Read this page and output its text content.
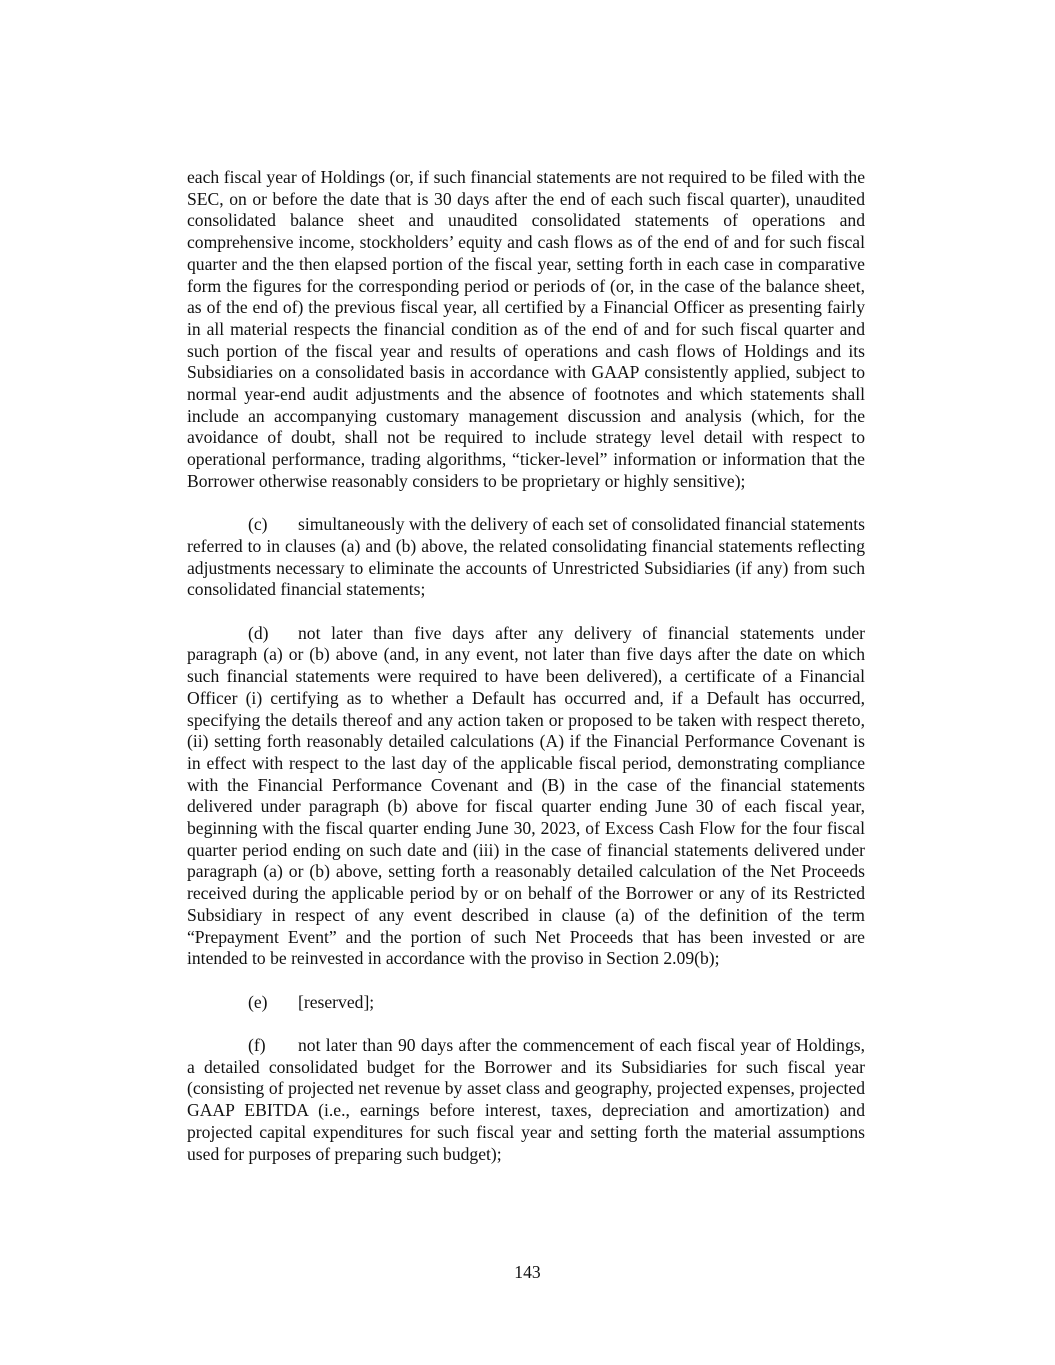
each fiscal year of Holdings (or, if such financial statements are not required to be filed with the SEC, on or before the date that is 30 days after the end of each such fiscal quarter), unaudited consolidated balance sheet and unaudited consolidated statements of operations and comprehensive income, stockholders’ equity and cash flows as of the end of and for such fiscal quarter and the then elapsed portion of the fiscal year, setting forth in each case in comparative form the figures for the corresponding period or periods of (or, in the case of the balance sheet, as of the end of) the previous fiscal year, all certified by a Financial Officer as presenting fairly in all material respects the financial condition as of the end of and for such fiscal quarter and such portion of the fiscal year and results of operations and cash flows of Holdings and its Subsidiaries on a consolidated basis in accordance with GAAP consistently applied, subject to normal year-end audit adjustments and the absence of footnotes and which statements shall include an accompanying customary management discussion and analysis (which, for the avoidance of doubt, shall not be required to include strategy level detail with respect to operational performance, trading algorithms, “ticker-level” information or information that the Borrower otherwise reasonably considers to be proprietary or highly sensitive);

(c) simultaneously with the delivery of each set of consolidated financial statements referred to in clauses (a) and (b) above, the related consolidating financial statements reflecting adjustments necessary to eliminate the accounts of Unrestricted Subsidiaries (if any) from such consolidated financial statements;

(d) not later than five days after any delivery of financial statements under paragraph (a) or (b) above (and, in any event, not later than five days after the date on which such financial statements were required to have been delivered), a certificate of a Financial Officer (i) certifying as to whether a Default has occurred and, if a Default has occurred, specifying the details thereof and any action taken or proposed to be taken with respect thereto, (ii) setting forth reasonably detailed calculations (A) if the Financial Performance Covenant is in effect with respect to the last day of the applicable fiscal period, demonstrating compliance with the Financial Performance Covenant and (B) in the case of the financial statements delivered under paragraph (b) above for fiscal quarter ending June 30 of each fiscal year, beginning with the fiscal quarter ending June 30, 2023, of Excess Cash Flow for the four fiscal quarter period ending on such date and (iii) in the case of financial statements delivered under paragraph (a) or (b) above, setting forth a reasonably detailed calculation of the Net Proceeds received during the applicable period by or on behalf of the Borrower or any of its Restricted Subsidiary in respect of any event described in clause (a) of the definition of the term “Prepayment Event” and the portion of such Net Proceeds that has been invested or are intended to be reinvested in accordance with the proviso in Section 2.09(b);

(e) [reserved];

(f) not later than 90 days after the commencement of each fiscal year of Holdings, a detailed consolidated budget for the Borrower and its Subsidiaries for such fiscal year (consisting of projected net revenue by asset class and geography, projected expenses, projected GAAP EBITDA (i.e., earnings before interest, taxes, depreciation and amortization) and projected capital expenditures for such fiscal year and setting forth the material assumptions used for purposes of preparing such budget);

143
